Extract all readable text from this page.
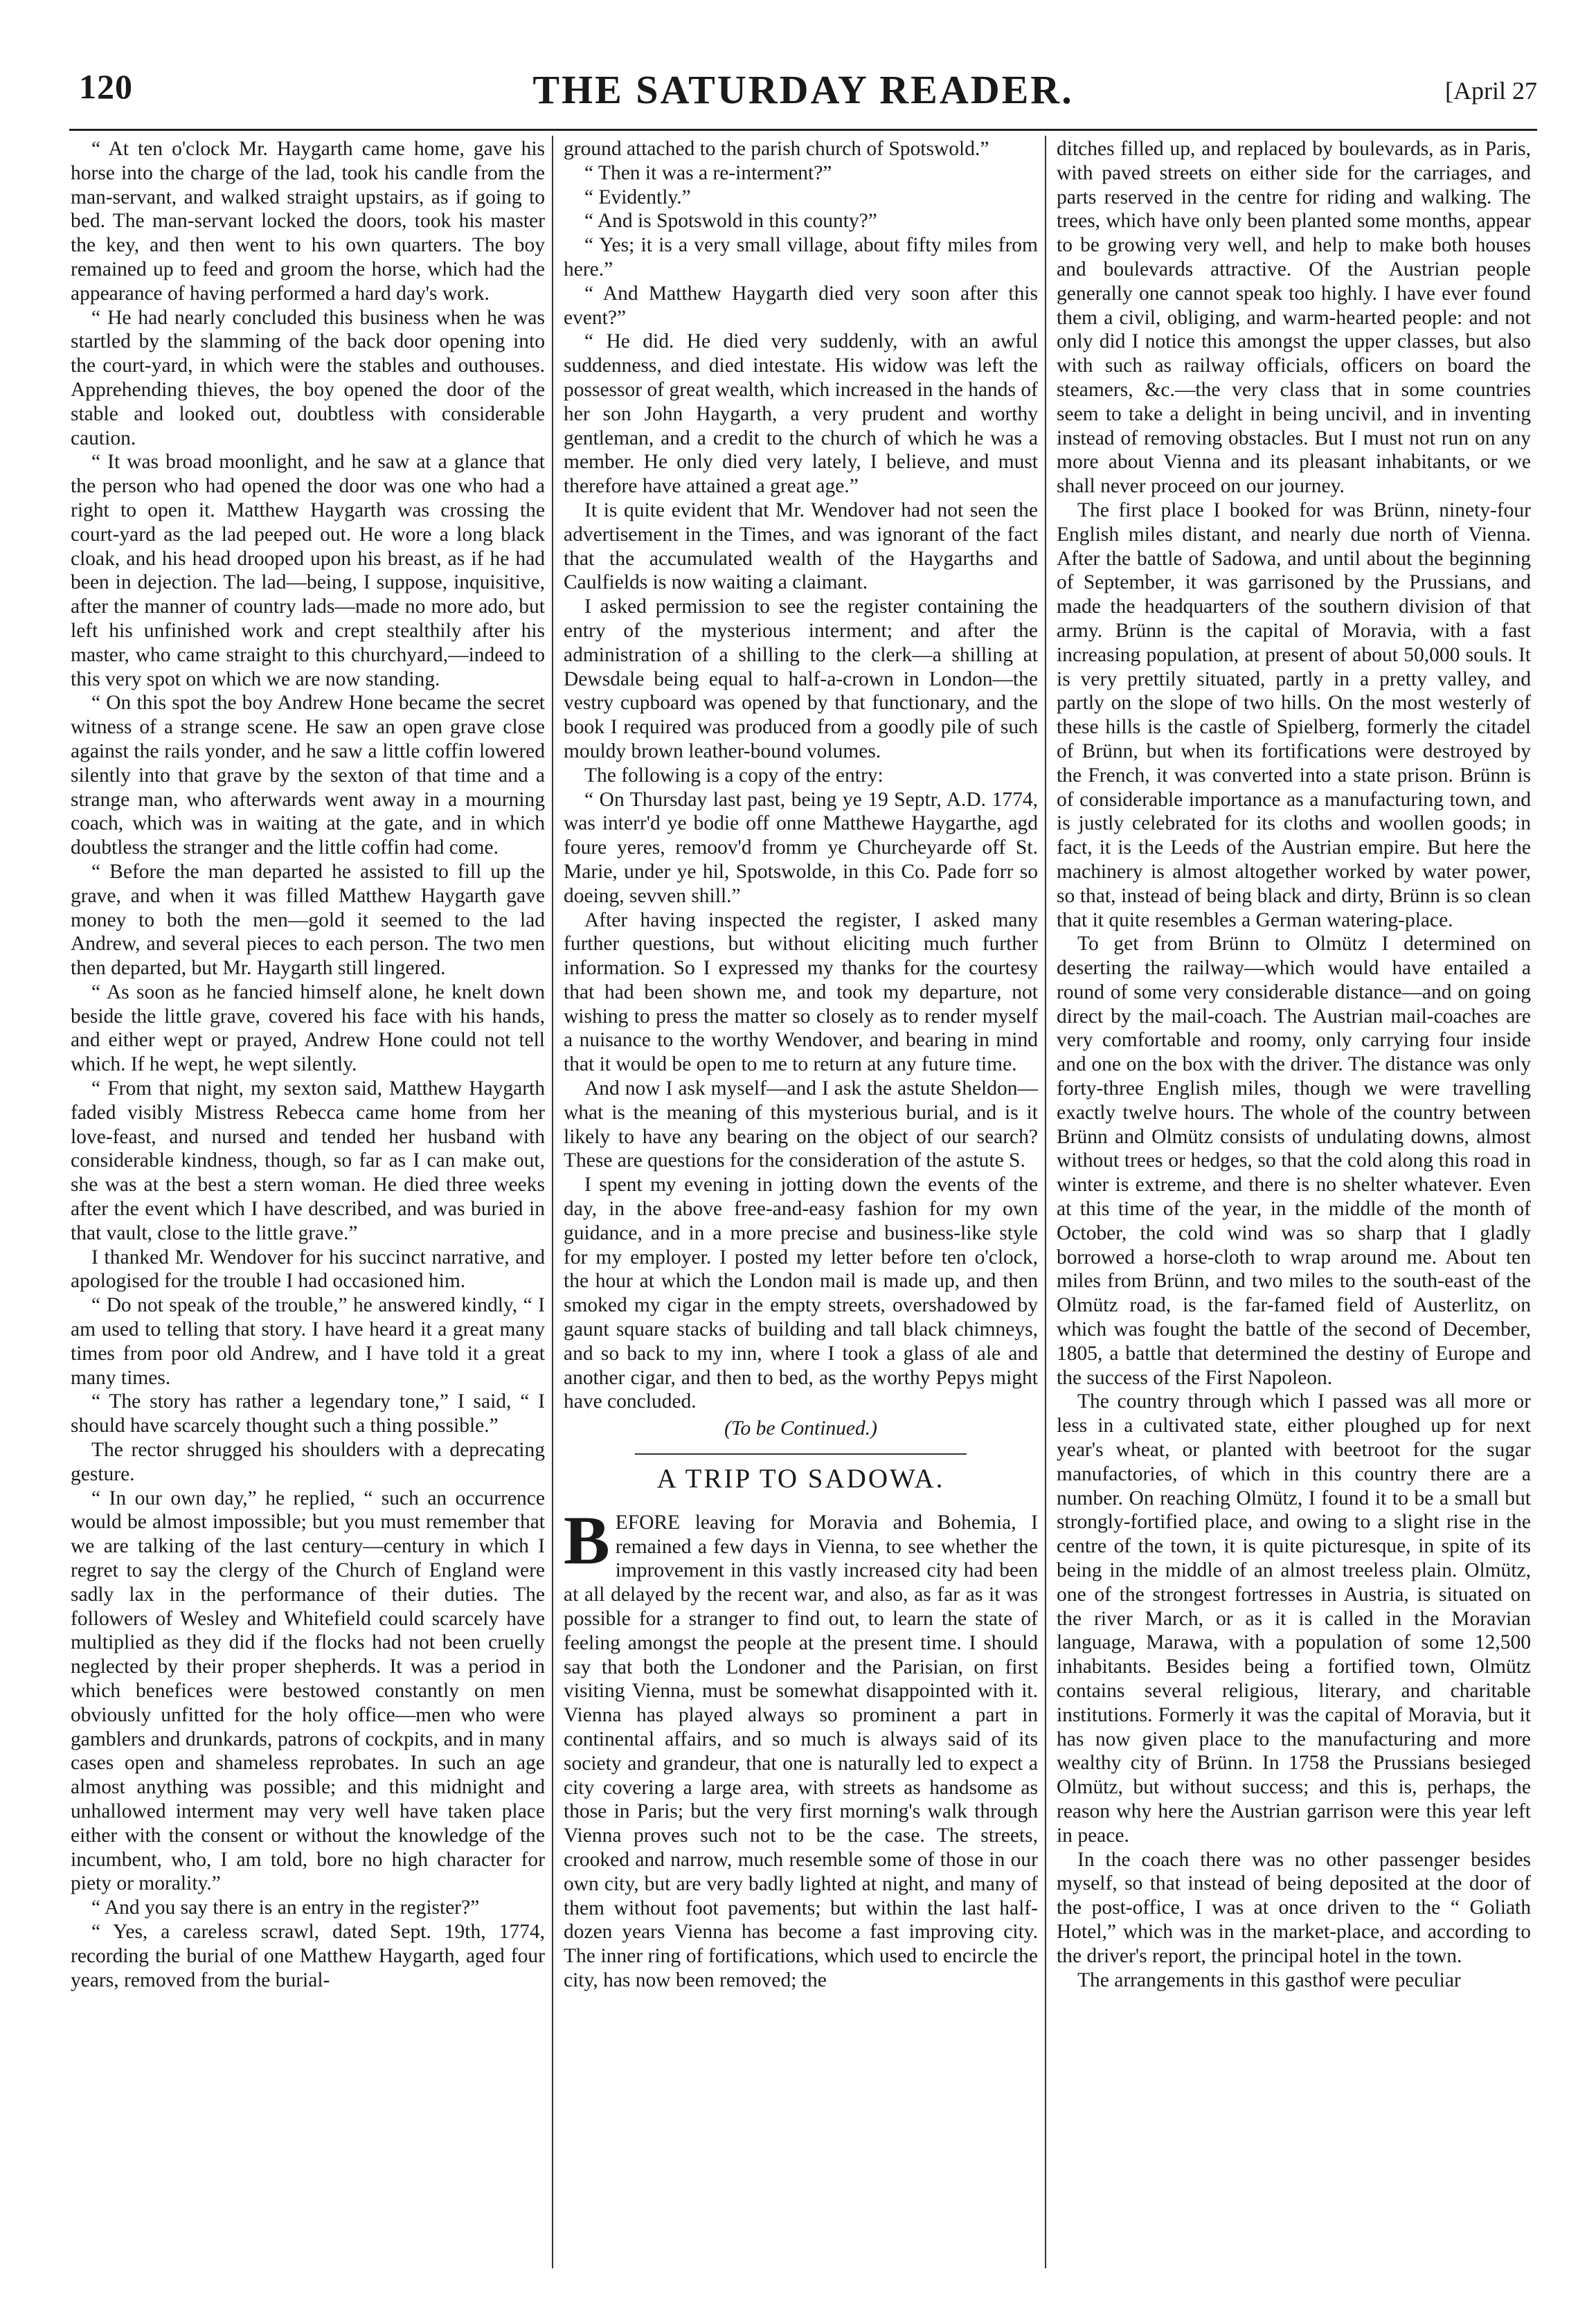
120	THE SATURDAY READER.	[April 27

“ At ten o'clock Mr. Haygarth came home, gave his horse into the charge of the lad, took his candle from the man-servant, and walked straight upstairs, as if going to bed. The man-servant locked the doors, took his master the key, and then went to his own quarters. The boy remained up to feed and groom the horse, which had the appearance of having performed a hard day's work.

“ He had nearly concluded this business when he was startled by the slamming of the back door opening into the court-yard, in which were the stables and outhouses. Apprehending thieves, the boy opened the door of the stable and looked out, doubtless with considerable caution.

“ It was broad moonlight, and he saw at a glance that the person who had opened the door was one who had a right to open it. Matthew Haygarth was crossing the court-yard as the lad peeped out. He wore a long black cloak, and his head drooped upon his breast, as if he had been in dejection. The lad—being, I suppose, inquisitive, after the manner of country lads—made no more ado, but left his unfinished work and crept stealthily after his master, who came straight to this churchyard,—indeed to this very spot on which we are now standing.

“ On this spot the boy Andrew Hone became the secret witness of a strange scene. He saw an open grave close against the rails yonder, and he saw a little coffin lowered silently into that grave by the sexton of that time and a strange man, who afterwards went away in a mourning coach, which was in waiting at the gate, and in which doubtless the stranger and the little coffin had come.

“ Before the man departed he assisted to fill up the grave, and when it was filled Matthew Haygarth gave money to both the men—gold it seemed to the lad Andrew, and several pieces to each person. The two men then departed, but Mr. Haygarth still lingered.

“ As soon as he fancied himself alone, he knelt down beside the little grave, covered his face with his hands, and either wept or prayed, Andrew Hone could not tell which. If he wept, he wept silently.

“ From that night, my sexton said, Matthew Haygarth faded visibly Mistress Rebecca came home from her love-feast, and nursed and tended her husband with considerable kindness, though, so far as I can make out, she was at the best a stern woman. He died three weeks after the event which I have described, and was buried in that vault, close to the little grave.”

I thanked Mr. Wendover for his succinct narrative, and apologised for the trouble I had occasioned him.

“ Do not speak of the trouble,” he answered kindly, “ I am used to telling that story. I have heard it a great many times from poor old Andrew, and I have told it a great many times.

“ The story has rather a legendary tone,” I said, “ I should have scarcely thought such a thing possible.”

The rector shrugged his shoulders with a deprecating gesture.

“ In our own day,” he replied, “ such an occurrence would be almost impossible; but you must remember that we are talking of the last century—century in which I regret to say the clergy of the Church of England were sadly lax in the performance of their duties. The followers of Wesley and Whitefield could scarcely have multiplied as they did if the flocks had not been cruelly neglected by their proper shepherds. It was a period in which benefices were bestowed constantly on men obviously unfitted for the holy office—men who were gamblers and drunkards, patrons of cockpits, and in many cases open and shameless reprobates. In such an age almost anything was possible; and this midnight and unhallowed interment may very well have taken place either with the consent or without the knowledge of the incumbent, who, I am told, bore no high character for piety or morality.”

“ And you say there is an entry in the register?”

“ Yes, a careless scrawl, dated Sept. 19th, 1774, recording the burial of one Matthew Haygarth, aged four years, removed from the burial-

ground attached to the parish church of Spotswold.”

“ Then it was a re-interment?”

“ Evidently.”

“ And is Spotswold in this county?”

“ Yes; it is a very small village, about fifty miles from here.”

“ And Matthew Haygarth died very soon after this event?”

“ He did. He died very suddenly, with an awful suddenness, and died intestate. His widow was left the possessor of great wealth, which increased in the hands of her son John Haygarth, a very prudent and worthy gentleman, and a credit to the church of which he was a member. He only died very lately, I believe, and must therefore have attained a great age.”

It is quite evident that Mr. Wendover had not seen the advertisement in the Times, and was ignorant of the fact that the accumulated wealth of the Haygarths and Caulfields is now waiting a claimant.

I asked permission to see the register containing the entry of the mysterious interment; and after the administration of a shilling to the clerk—a shilling at Dewsdale being equal to half-a-crown in London—the vestry cupboard was opened by that functionary, and the book I required was produced from a goodly pile of such mouldy brown leather-bound volumes.

The following is a copy of the entry:

“ On Thursday last past, being ye 19 Septr, A.D. 1774, was interr'd ye bodie off onne Matthewe Haygarthe, agd foure yeres, remoov'd fromm ye Churcheyarde off St. Marie, under ye hil, Spotswolde, in this Co. Pade forr so doeing, sevven shill.”

After having inspected the register, I asked many further questions, but without eliciting much further information. So I expressed my thanks for the courtesy that had been shown me, and took my departure, not wishing to press the matter so closely as to render myself a nuisance to the worthy Wendover, and bearing in mind that it would be open to me to return at any future time.

And now I ask myself—and I ask the astute Sheldon—what is the meaning of this mysterious burial, and is it likely to have any bearing on the object of our search? These are questions for the consideration of the astute S.

I spent my evening in jotting down the events of the day, in the above free-and-easy fashion for my own guidance, and in a more precise and business-like style for my employer. I posted my letter before ten o'clock, the hour at which the London mail is made up, and then smoked my cigar in the empty streets, overshadowed by gaunt square stacks of building and tall black chimneys, and so back to my inn, where I took a glass of ale and another cigar, and then to bed, as the worthy Pepys might have concluded.

(To be Continued.)

A TRIP TO SADOWA.

BEFORE leaving for Moravia and Bohemia, I remained a few days in Vienna, to see whether the improvement in this vastly increased city had been at all delayed by the recent war, and also, as far as it was possible for a stranger to find out, to learn the state of feeling amongst the people at the present time. I should say that both the Londoner and the Parisian, on first visiting Vienna, must be somewhat disappointed with it. Vienna has played always so prominent a part in continental affairs, and so much is always said of its society and grandeur, that one is naturally led to expect a city covering a large area, with streets as handsome as those in Paris; but the very first morning's walk through Vienna proves such not to be the case. The streets, crooked and narrow, much resemble some of those in our own city, but are very badly lighted at night, and many of them without foot pavements; but within the last half-dozen years Vienna has become a fast improving city. The inner ring of fortifications, which used to encircle the city, has now been removed; the

ditches filled up, and replaced by boulevards, as in Paris, with paved streets on either side for the carriages, and parts reserved in the centre for riding and walking. The trees, which have only been planted some months, appear to be growing very well, and help to make both houses and boulevards attractive. Of the Austrian people generally one cannot speak too highly. I have ever found them a civil, obliging, and warm-hearted people: and not only did I notice this amongst the upper classes, but also with such as railway officials, officers on board the steamers, &c.—the very class that in some countries seem to take a delight in being uncivil, and in inventing instead of removing obstacles. But I must not run on any more about Vienna and its pleasant inhabitants, or we shall never proceed on our journey.

The first place I booked for was Brünn, ninety-four English miles distant, and nearly due north of Vienna. After the battle of Sadowa, and until about the beginning of September, it was garrisoned by the Prussians, and made the headquarters of the southern division of that army. Brünn is the capital of Moravia, with a fast increasing population, at present of about 50,000 souls. It is very prettily situated, partly in a pretty valley, and partly on the slope of two hills. On the most westerly of these hills is the castle of Spielberg, formerly the citadel of Brünn, but when its fortifications were destroyed by the French, it was converted into a state prison. Brünn is of considerable importance as a manufacturing town, and is justly celebrated for its cloths and woollen goods; in fact, it is the Leeds of the Austrian empire. But here the machinery is almost altogether worked by water power, so that, instead of being black and dirty, Brünn is so clean that it quite resembles a German watering-place.

To get from Brünn to Olmütz I determined on deserting the railway—which would have entailed a round of some very considerable distance—and on going direct by the mail-coach. The Austrian mail-coaches are very comfortable and roomy, only carrying four inside and one on the box with the driver. The distance was only forty-three English miles, though we were travelling exactly twelve hours. The whole of the country between Brünn and Olmütz consists of undulating downs, almost without trees or hedges, so that the cold along this road in winter is extreme, and there is no shelter whatever. Even at this time of the year, in the middle of the month of October, the cold wind was so sharp that I gladly borrowed a horse-cloth to wrap around me. About ten miles from Brünn, and two miles to the south-east of the Olmütz road, is the far-famed field of Austerlitz, on which was fought the battle of the second of December, 1805, a battle that determined the destiny of Europe and the success of the First Napoleon.

The country through which I passed was all more or less in a cultivated state, either ploughed up for next year's wheat, or planted with beetroot for the sugar manufactories, of which in this country there are a number. On reaching Olmütz, I found it to be a small but strongly-fortified place, and owing to a slight rise in the centre of the town, it is quite picturesque, in spite of its being in the middle of an almost treeless plain. Olmütz, one of the strongest fortresses in Austria, is situated on the river March, or as it is called in the Moravian language, Marawa, with a population of some 12,500 inhabitants. Besides being a fortified town, Olmütz contains several religious, literary, and charitable institutions. Formerly it was the capital of Moravia, but it has now given place to the manufacturing and more wealthy city of Brünn. In 1758 the Prussians besieged Olmütz, but without success; and this is, perhaps, the reason why here the Austrian garrison were this year left in peace.

In the coach there was no other passenger besides myself, so that instead of being deposited at the door of the post-office, I was at once driven to the “ Goliath Hotel,” which was in the market-place, and according to the driver's report, the principal hotel in the town.

The arrangements in this gasthof were peculiar
